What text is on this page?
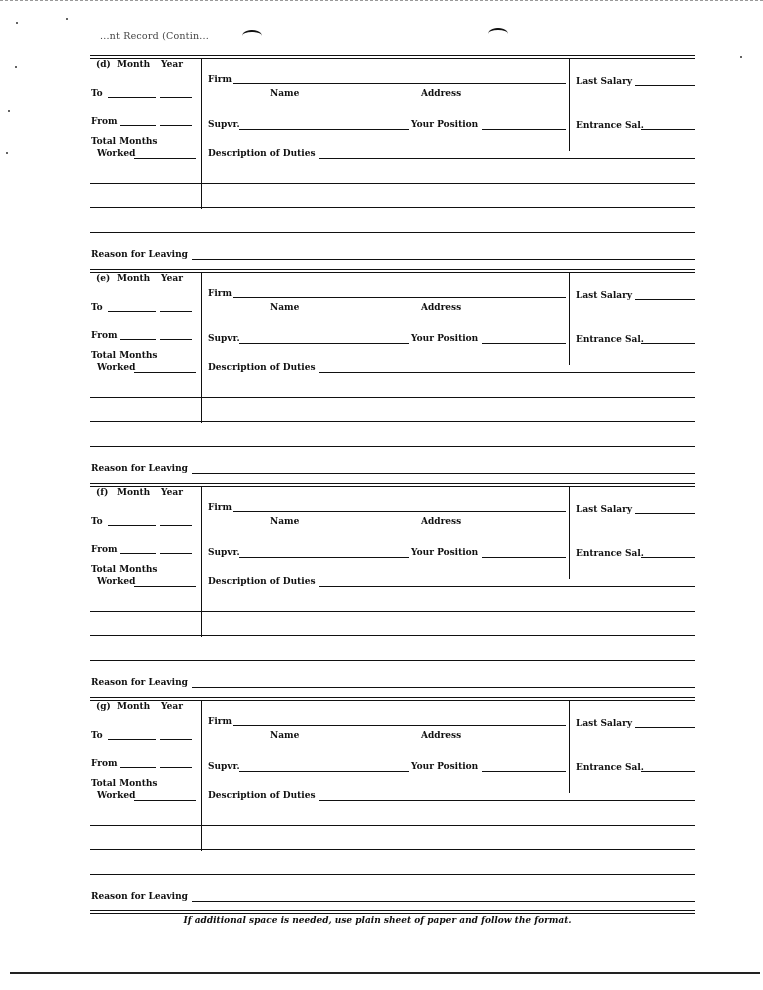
...nt Record (Contin...
(d) Month Year
To
From
Total Months
Worked
Firm
Name	Address
Supvr.	Your Position
Last Salary
Entrance Sal.
Description of Duties
Reason for Leaving
(e) Month Year
To
From
Total Months
Worked
Firm
Name	Address
Supvr.	Your Position
Last Salary
Entrance Sal.
Description of Duties
Reason for Leaving
(f) Month Year
To
From
Total Months
Worked
Firm
Name	Address
Supvr.	Your Position
Last Salary
Entrance Sal.
Description of Duties
Reason for Leaving
(g) Month Year
To
From
Total Months
Worked
Firm
Name	Address
Supvr.	Your Position
Last Salary
Entrance Sal.
Description of Duties
Reason for Leaving
If additional space is needed, use plain sheet of paper and follow the format.
